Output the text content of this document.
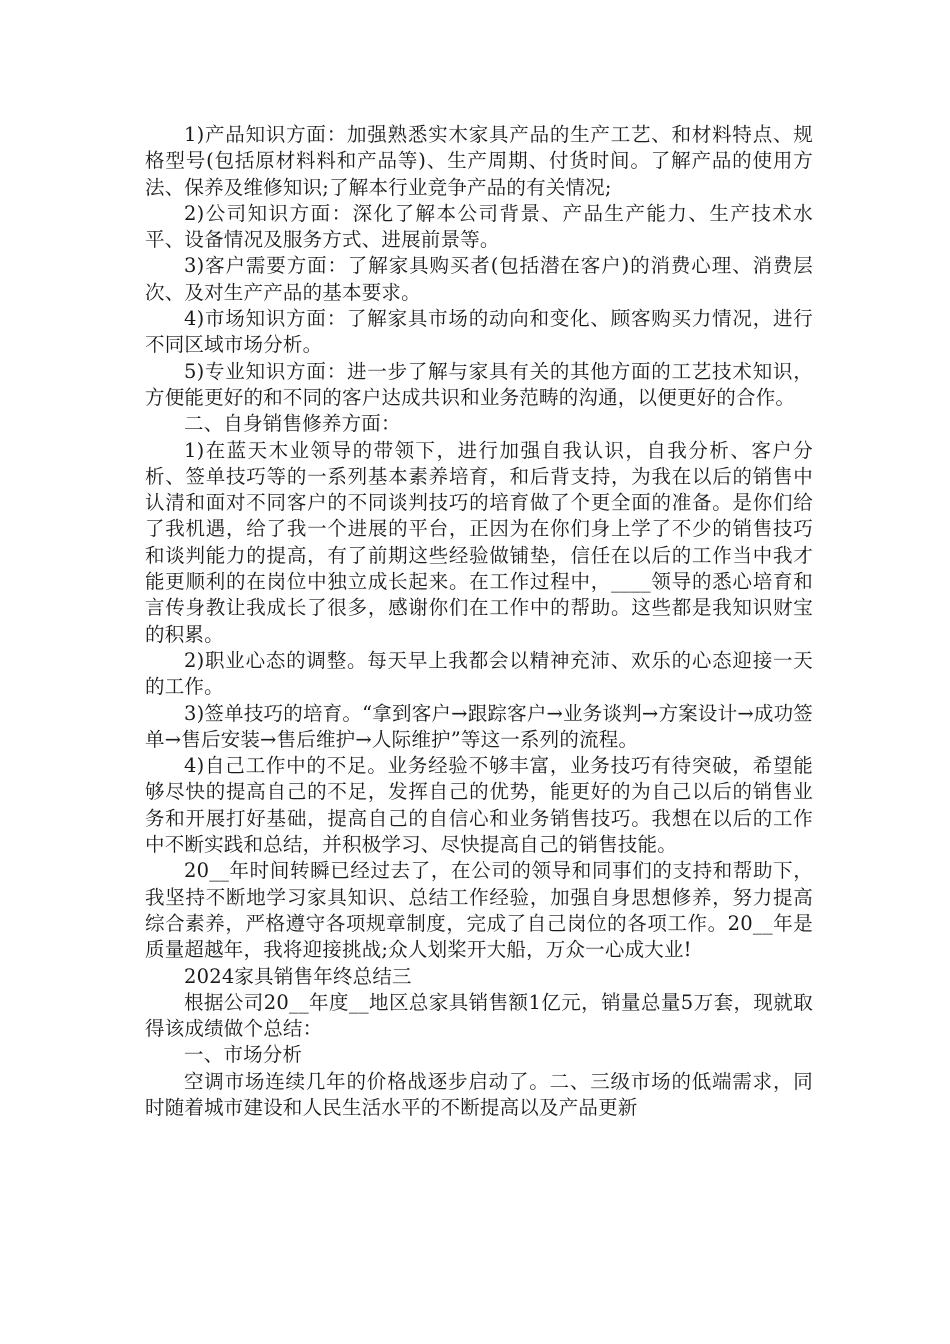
1)产品知识方面：加强熟悉实木家具产品的生产工艺、和材料特点、规格型号(包括原材料料和产品等)、生产周期、付货时间。了解产品的使用方法、保养及维修知识;了解本行业竞争产品的有关情况;

2)公司知识方面：深化了解本公司背景、产品生产能力、生产技术水平、设备情况及服务方式、进展前景等。

3)客户需要方面：了解家具购买者(包括潜在客户)的消费心理、消费层次、及对生产产品的基本要求。

4)市场知识方面：了解家具市场的动向和变化、顾客购买力情况，进行不同区域市场分析。

5)专业知识方面：进一步了解与家具有关的其他方面的工艺技术知识，方便能更好的和不同的客户达成共识和业务范畴的沟通，以便更好的合作。

二、自身销售修养方面：

1)在蓝天木业领导的带领下，进行加强自我认识，自我分析、客户分析、签单技巧等的一系列基本素养培育，和后背支持，为我在以后的销售中认清和面对不同客户的不同谈判技巧的培育做了个更全面的准备。是你们给了我机遇，给了我一个进展的平台，正因为在你们身上学了不少的销售技巧和谈判能力的提高，有了前期这些经验做铺垫，信任在以后的工作当中我才能更顺利的在岗位中独立成长起来。在工作过程中，____领导的悉心培育和言传身教让我成长了很多，感谢你们在工作中的帮助。这些都是我知识财宝的积累。

2)职业心态的调整。每天早上我都会以精神充沛、欢乐的心态迎接一天的工作。

3)签单技巧的培育。“拿到客户→跟踪客户→业务谈判→方案设计→成功签单→售后安装→售后维护→人际维护”等这一系列的流程。

4)自己工作中的不足。业务经验不够丰富，业务技巧有待突破，希望能够尽快的提高自己的不足，发挥自己的优势，能更好的为自己以后的销售业务和开展打好基础，提高自己的自信心和业务销售技巧。我想在以后的工作中不断实践和总结，并积极学习、尽快提高自己的销售技能。

20__年时间转瞬已经过去了，在公司的领导和同事们的支持和帮助下，我坚持不断地学习家具知识、总结工作经验，加强自身思想修养，努力提高综合素养，严格遵守各项规章制度，完成了自己岗位的各项工作。20__年是质量超越年，我将迎接挑战;众人划桨开大船，万众一心成大业!

2024家具销售年终总结三

根据公司20__年度__地区总家具销售额1亿元，销量总量5万套，现就取得该成绩做个总结：

一、市场分析

空调市场连续几年的价格战逐步启动了。二、三级市场的低端需求，同时随着城市建设和人民生活水平的不断提高以及产品更新
